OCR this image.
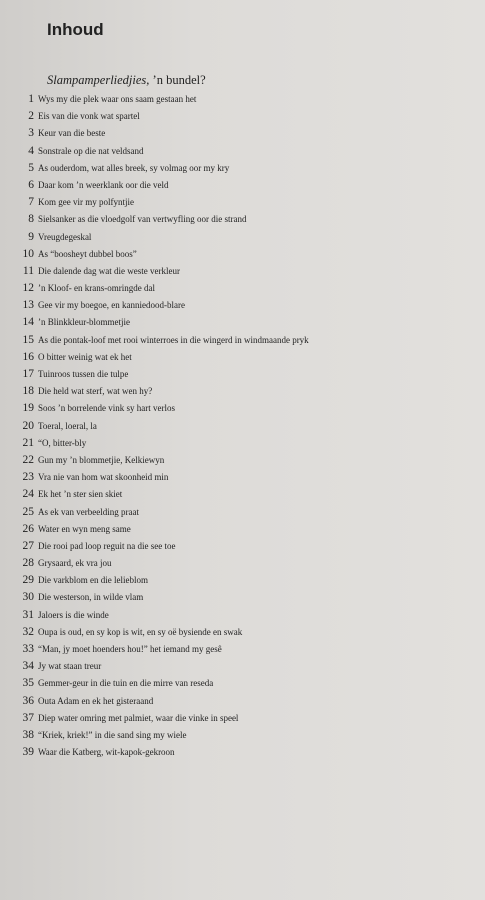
Inhoud
Slampamperliedjies, ’n bundel?
1 Wys my die plek waar ons saam gestaan het
2 Eis van die vonk wat spartel
3 Keur van die beste
4 Sonstrale op die nat veldsand
5 As ouderdom, wat alles breek, sy volmag oor my kry
6 Daar kom ’n weerklank oor die veld
7 Kom gee vir my polfyntjie
8 Sielsanker as die vloedgolf van vertwyfling oor die strand
9 Vreugdegeskal
10 As “boosheyt dubbel boos”
11 Die dalende dag wat die weste verkleur
12 ’n Kloof- en krans-omringde dal
13 Gee vir my boegoe, en kanniedood-blare
14 ’n Blinkkleur-blommetjie
15 As die pontak-loof met rooi winterroes in die wingerd in windmaande pryk
16 O bitter weinig wat ek het
17 Tuinroos tussen die tulpe
18 Die held wat sterf, wat wen hy?
19 Soos ’n borrelende vink sy hart verlos
20 Toeral, loeral, la
21 “O, bitter-bly
22 Gun my ’n blommetjie, Kelkiewyn
23 Vra nie van hom wat skoonheid min
24 Ek het ’n ster sien skiet
25 As ek van verbeelding praat
26 Water en wyn meng same
27 Die rooi pad loop reguit na die see toe
28 Grysaard, ek vra jou
29 Die varkblom en die lelieblom
30 Die westerson, in wilde vlam
31 Jaloers is die winde
32 Oupa is oud, en sy kop is wit, en sy oë bysiende en swak
33 “Man, jy moet hoenders hou!” het iemand my gesê
34 Jy wat staan treur
35 Gemmer-geur in die tuin en die mirre van reseda
36 Outa Adam en ek het gisteraand
37 Diep water omring met palmiet, waar die vinke in speel
38 “Kriek, kriek!” in die sand sing my wiele
39 Waar die Katberg, wit-kapok-gekroon
